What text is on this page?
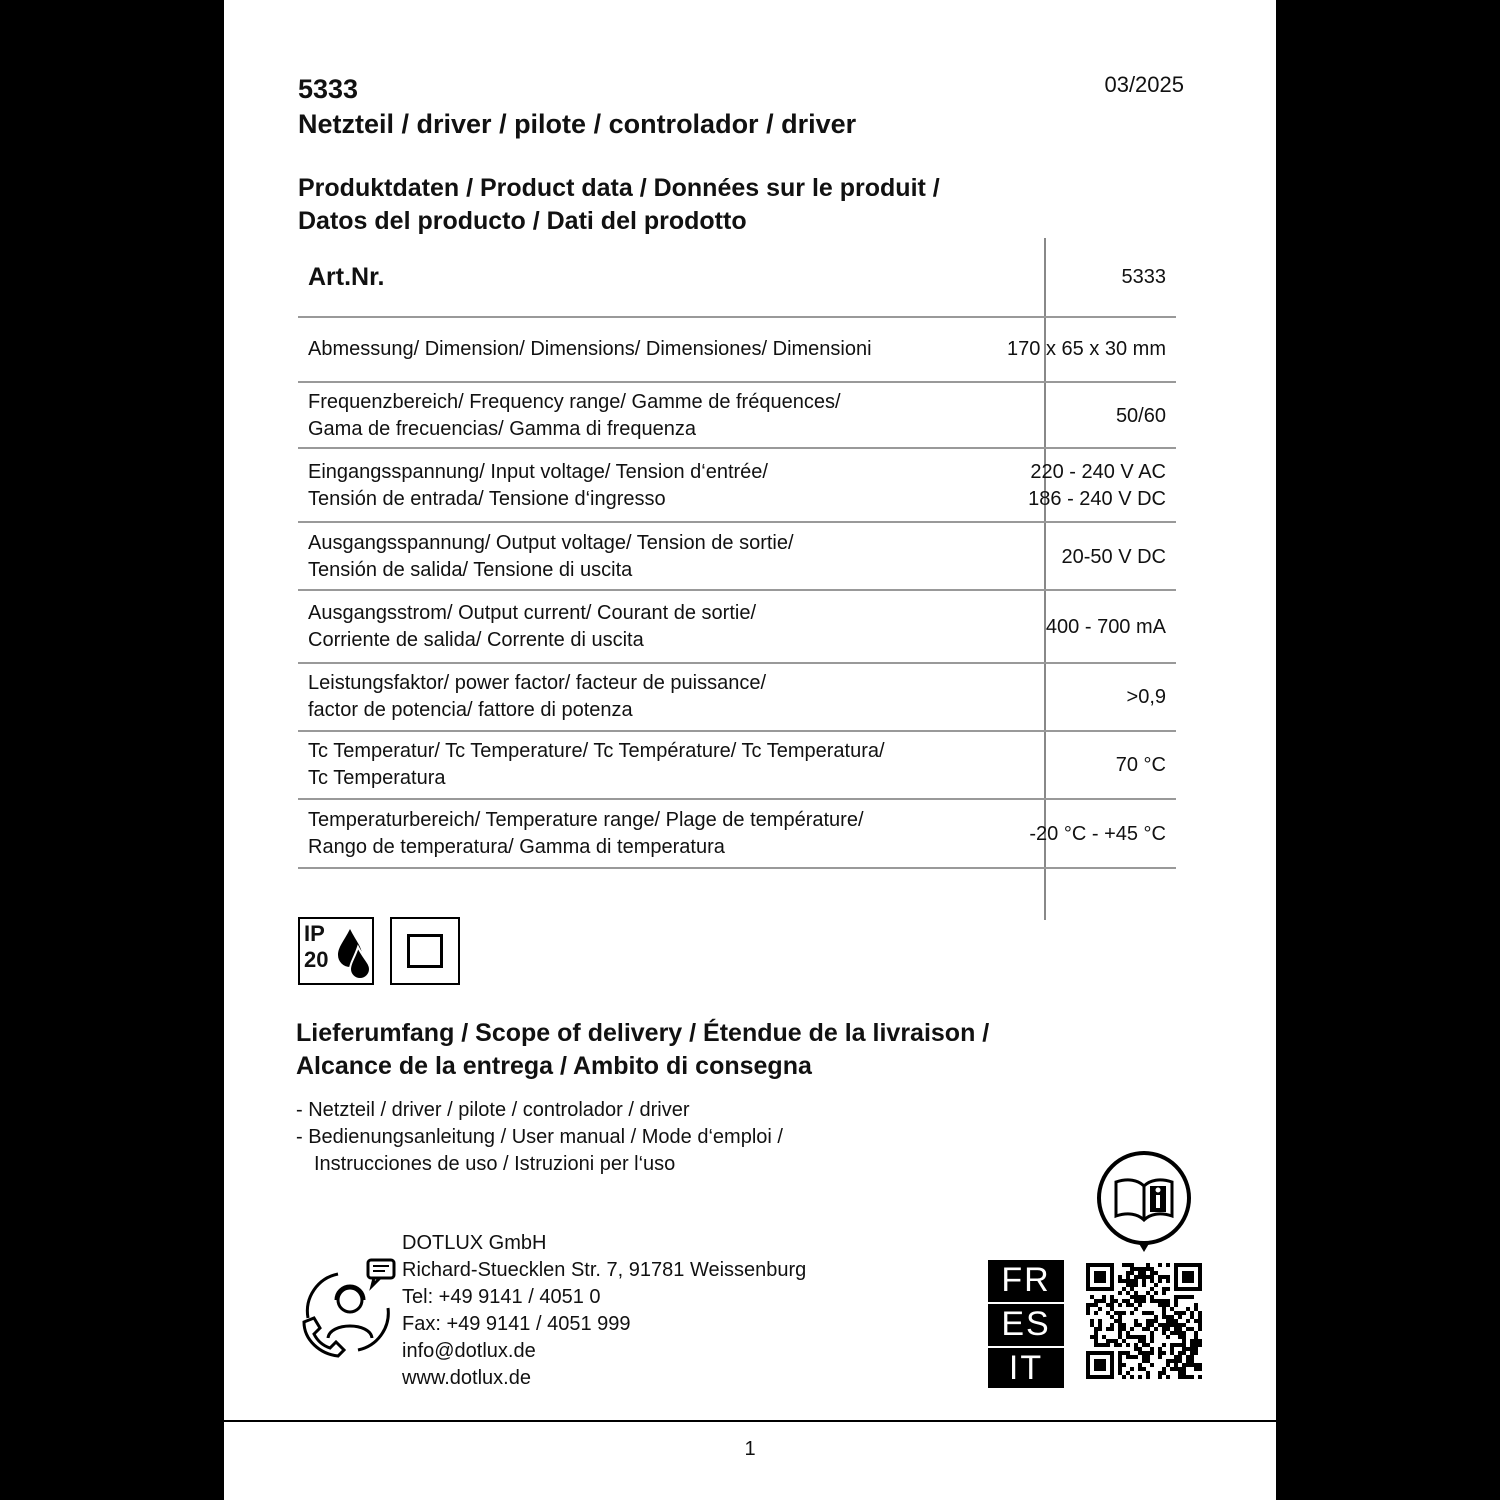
5333
Netzteil / driver / pilote / controlador / driver
03/2025
Produktdaten / Product data / Données sur le produit /
Datos del producto / Dati del prodotto
Art.Nr.	5333
Abmessung/ Dimension/ Dimensions/ Dimensiones/ Dimensioni	170 x 65 x 30 mm
Frequenzbereich/ Frequency range/ Gamme de fréquences/
Gama de frecuencias/ Gamma di frequenza
50/60
Eingangsspannung/ Input voltage/ Tension d‘entrée/
Tensión de entrada/ Tensione d‘ingresso
220 - 240 V AC
186 - 240 V DC
Ausgangsspannung/ Output voltage/ Tension de sortie/
Tensión de salida/ Tensione di uscita
20-50 V DC
Ausgangsstrom/ Output current/ Courant de sortie/
Corriente de salida/ Corrente di uscita
400 - 700 mA
Leistungsfaktor/ power factor/ facteur de puissance/
factor de potencia/ fattore di potenza
>0,9
Tc Temperatur/ Tc Temperature/ Tc Température/ Tc Temperatura/
Tc Temperatura
70 °C
Temperaturbereich/ Temperature range/ Plage de température/
Rango de temperatura/ Gamma di temperatura
-20 °C - +45 °C
IP
20
Lieferumfang / Scope of delivery / Étendue de la livraison /
Alcance de la entrega / Ambito di consegna
- Netzteil / driver / pilote / controlador / driver
- Bedienungsanleitung / User manual / Mode d‘emploi /
Instrucciones de uso / Istruzioni per l‘uso
DOTLUX GmbH
Richard-Stuecklen Str. 7, 91781 Weissenburg
Tel: +49 9141 / 4051 0
Fax: +49 9141 / 4051 999
info@dotlux.de
www.dotlux.de
FR
ES
IT
1
